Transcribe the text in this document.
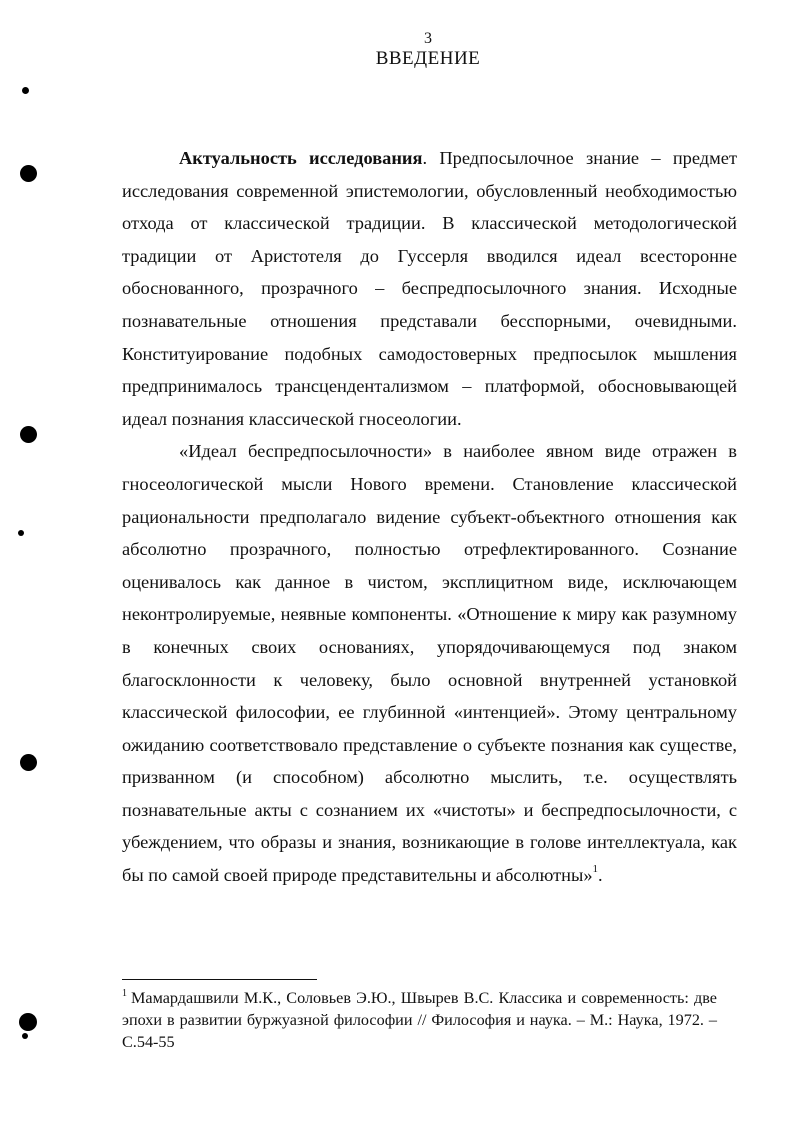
3
ВВЕДЕНИЕ

Актуальность исследования. Предпосылочное знание – предмет исследования современной эпистемологии, обусловленный необходимостью отхода от классической традиции. В классической методологической традиции от Аристотеля до Гуссерля вводился идеал всесторонне обоснованного, прозрачного – беспредпосылочного знания. Исходные познавательные отношения представали бесспорными, очевидными. Конституирование подобных самодостоверных предпосылок мышления предпринималось трансцендентализмом – платформой, обосновывающей идеал познания классической гносеологии.

«Идеал беспредпосылочности» в наиболее явном виде отражен в гносеологической мысли Нового времени. Становление классической рациональности предполагало видение субъект-объектного отношения как абсолютно прозрачного, полностью отрефлектированного. Сознание оценивалось как данное в чистом, эксплицитном виде, исключающем неконтролируемые, неявные компоненты. «Отношение к миру как разумному в конечных своих основаниях, упорядочивающемуся под знаком благосклонности к человеку, было основной внутренней установкой классической философии, ее глубинной «интенцией». Этому центральному ожиданию соответствовало представление о субъекте познания как существе, призванном (и способном) абсолютно мыслить, т.е. осуществлять познавательные акты с сознанием их «чистоты» и беспредпосылочности, с убеждением, что образы и знания, возникающие в голове интеллектуала, как бы по самой своей природе представительны и абсолютны»$^1$.

$^1$ Мамардашвили М.К., Соловьев Э.Ю., Швырев В.С. Классика и современность: две эпохи в развитии буржуазной философии // Философия и наука. – М.: Наука, 1972. – С.54-55
